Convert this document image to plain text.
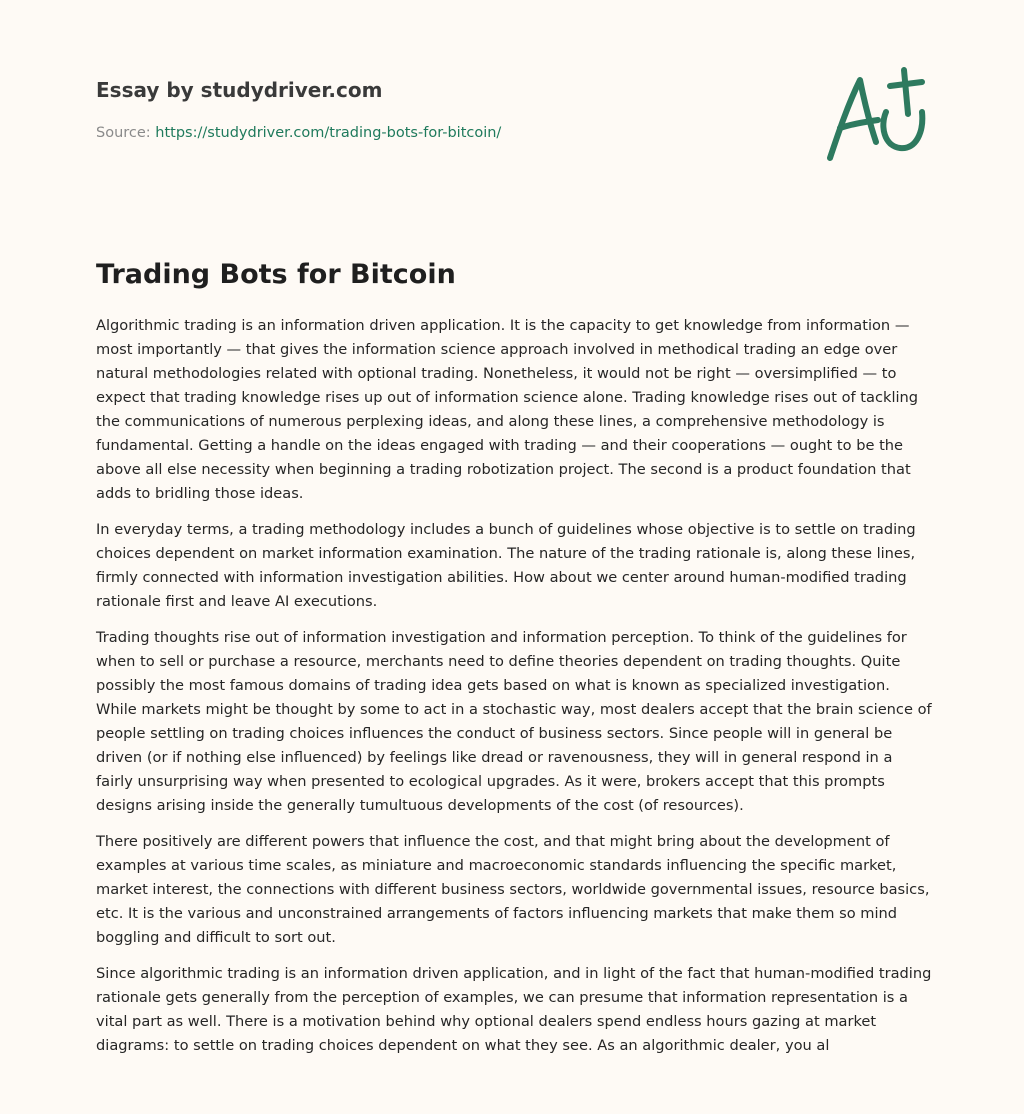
Essay by studydriver.com
Source: https://studydriver.com/trading-bots-for-bitcoin/
Trading Bots for Bitcoin

Algorithmic trading is an information driven application. It is the capacity to get knowledge from information — most importantly — that gives the information science approach involved in methodical trading an edge over natural methodologies related with optional trading. Nonetheless, it would not be right — oversimplified — to expect that trading knowledge rises up out of information science alone. Trading knowledge rises out of tackling the communications of numerous perplexing ideas, and along these lines, a comprehensive methodology is fundamental. Getting a handle on the ideas engaged with trading — and their cooperations — ought to be the above all else necessity when beginning a trading robotization project. The second is a product foundation that adds to bridling those ideas.

In everyday terms, a trading methodology includes a bunch of guidelines whose objective is to settle on trading choices dependent on market information examination. The nature of the trading rationale is, along these lines, firmly connected with information investigation abilities. How about we center around human-modified trading rationale first and leave AI executions.

Trading thoughts rise out of information investigation and information perception. To think of the guidelines for when to sell or purchase a resource, merchants need to define theories dependent on trading thoughts. Quite possibly the most famous domains of trading idea gets based on what is known as specialized investigation. While markets might be thought by some to act in a stochastic way, most dealers accept that the brain science of people settling on trading choices influences the conduct of business sectors. Since people will in general be driven (or if nothing else influenced) by feelings like dread or ravenousness, they will in general respond in a fairly unsurprising way when presented to ecological upgrades. As it were, brokers accept that this prompts designs arising inside the generally tumultuous developments of the cost (of resources).

There positively are different powers that influence the cost, and that might bring about the development of examples at various time scales, as miniature and macroeconomic standards influencing the specific market, market interest, the connections with different business sectors, worldwide governmental issues, resource basics, etc. It is the various and unconstrained arrangements of factors influencing markets that make them so mind boggling and difficult to sort out.

Since algorithmic trading is an information driven application, and in light of the fact that human-modified trading rationale gets generally from the perception of examples, we can presume that information representation is a vital part as well. There is a motivation behind why optional dealers spend endless hours gazing at market diagrams: to settle on trading choices dependent on what they see. As an algorithmic dealer, you al
